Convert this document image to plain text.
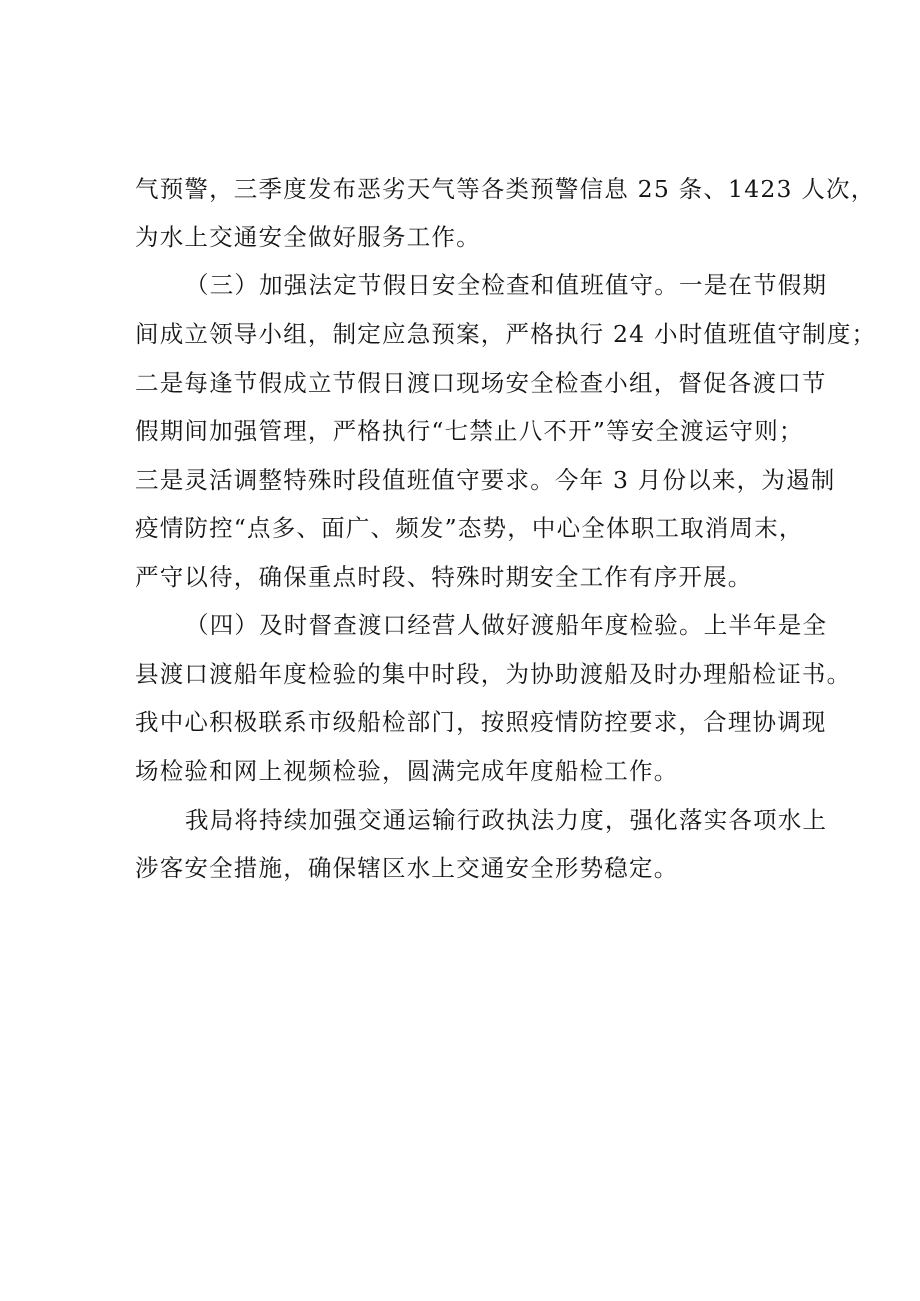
气预警，三季度发布恶劣天气等各类预警信息 25 条、1423 人次，
为水上交通安全做好服务工作。
（三）加强法定节假日安全检查和值班值守。一是在节假期
间成立领导小组，制定应急预案，严格执行 24 小时值班值守制度；
二是每逢节假成立节假日渡口现场安全检查小组，督促各渡口节
假期间加强管理，严格执行“七禁止八不开”等安全渡运守则；
三是灵活调整特殊时段值班值守要求。今年 3 月份以来，为遏制
疫情防控“点多、面广、频发”态势，中心全体职工取消周末，
严守以待，确保重点时段、特殊时期安全工作有序开展。
（四）及时督查渡口经营人做好渡船年度检验。上半年是全
县渡口渡船年度检验的集中时段，为协助渡船及时办理船检证书。
我中心积极联系市级船检部门，按照疫情防控要求，合理协调现
场检验和网上视频检验，圆满完成年度船检工作。
我局将持续加强交通运输行政执法力度，强化落实各项水上
涉客安全措施，确保辖区水上交通安全形势稳定。
